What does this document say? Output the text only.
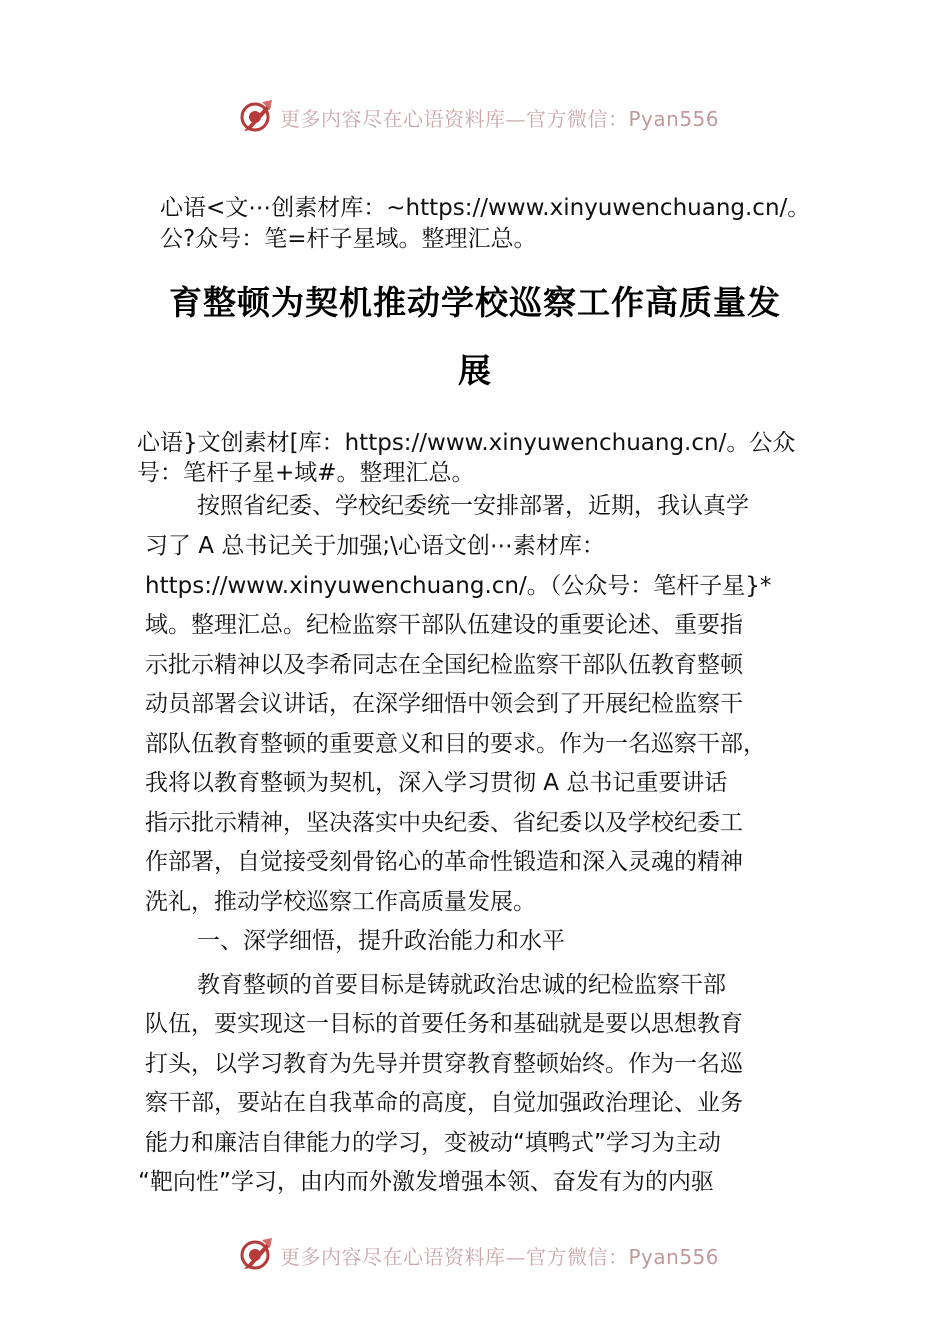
更多内容尽在心语资料库—官方微信：Pyan556
心语<文⋯创素材库：~https://www.xinyuwenchuang.cn/。
公?众号：笔=杆子星域。整理汇总。
育整顿为契机推动学校巡察工作高质量发
展
心语}文创素材[库：https://www.xinyuwenchuang.cn/。公众
号：笔杆子星+域#。整理汇总。
按照省纪委、学校纪委统一安排部署，近期，我认真学
习了 A 总书记关于加强;\心语文创⋯素材库：
https://www.xinyuwenchuang.cn/。（公众号：笔杆子星}*
域。整理汇总。纪检监察干部队伍建设的重要论述、重要指
示批示精神以及李希同志在全国纪检监察干部队伍教育整顿
动员部署会议讲话，在深学细悟中领会到了开展纪检监察干
部队伍教育整顿的重要意义和目的要求。作为一名巡察干部，
我将以教育整顿为契机，深入学习贯彻 A 总书记重要讲话
指示批示精神，坚决落实中央纪委、省纪委以及学校纪委工
作部署，自觉接受刻骨铭心的革命性锻造和深入灵魂的精神
洗礼，推动学校巡察工作高质量发展。
一、深学细悟，提升政治能力和水平
教育整顿的首要目标是铸就政治忠诚的纪检监察干部
队伍，要实现这一目标的首要任务和基础就是要以思想教育
打头，以学习教育为先导并贯穿教育整顿始终。作为一名巡
察干部，要站在自我革命的高度，自觉加强政治理论、业务
能力和廉洁自律能力的学习，变被动“填鸭式”学习为主动
“靶向性”学习，由内而外激发增强本领、奋发有为的内驱
更多内容尽在心语资料库—官方微信：Pyan556
